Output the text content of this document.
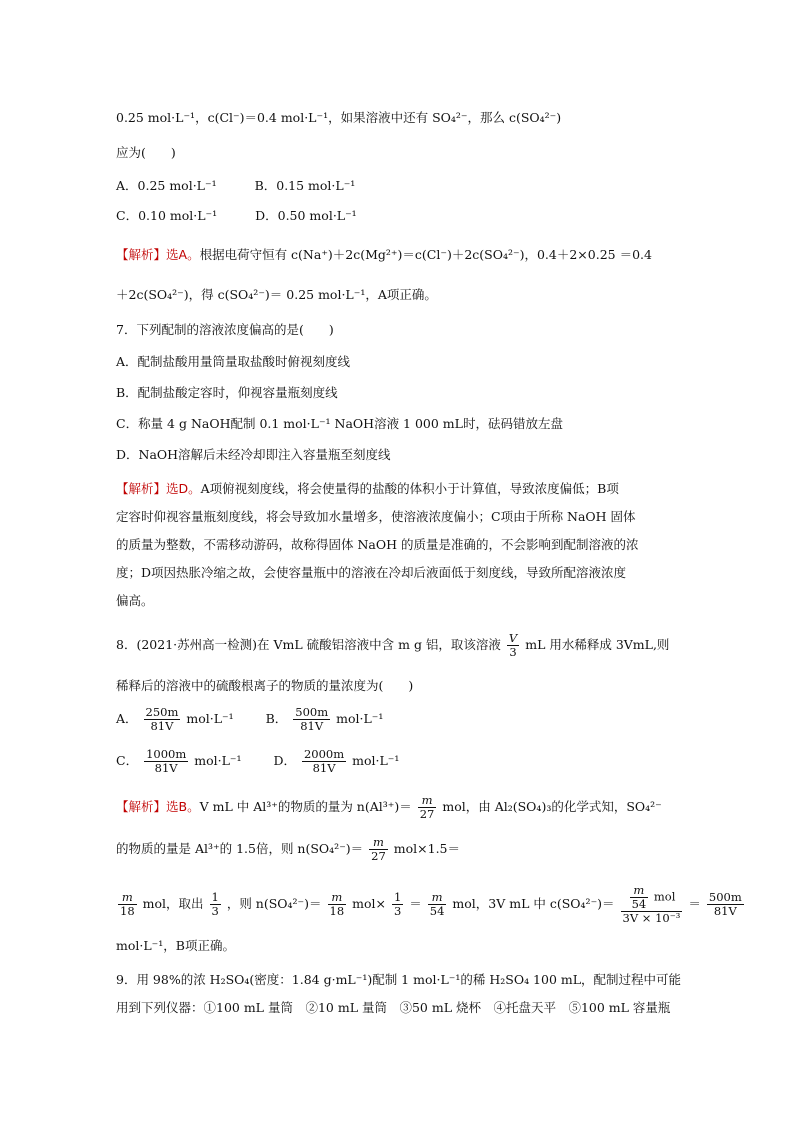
0.25 mol·L⁻¹，c(Cl⁻)＝0.4 mol·L⁻¹，如果溶液中还有 SO₄²⁻，那么 c(SO₄²⁻)
应为(　　)
A．0.25 mol·L⁻¹	B．0.15 mol·L⁻¹
C．0.10 mol·L⁻¹	D．0.50 mol·L⁻¹
【解析】选A。根据电荷守恒有 c(Na⁺)＋2c(Mg²⁺)＝c(Cl⁻)＋2c(SO₄²⁻)，0.4＋2×0.25 ＝0.4
＋2c(SO₄²⁻)，得 c(SO₄²⁻)＝ 0.25 mol·L⁻¹，A项正确。
7．下列配制的溶液浓度偏高的是(　　)
A．配制盐酸用量筒量取盐酸时俯视刻度线
B．配制盐酸定容时，仰视容量瓶刻度线
C．称量 4 g NaOH配制 0.1 mol·L⁻¹ NaOH溶液 1 000 mL时，砝码错放左盘
D．NaOH溶解后未经冷却即注入容量瓶至刻度线
【解析】选D。A项俯视刻度线，将会使量得的盐酸的体积小于计算值，导致浓度偏低；B项
定容时仰视容量瓶刻度线，将会导致加水量增多，使溶液浓度偏小；C项由于所称 NaOH 固体
的质量为整数，不需移动游码，故称得固体 NaOH 的质量是准确的，不会影响到配制溶液的浓
度；D项因热胀冷缩之故，会使容量瓶中的溶液在冷却后液面低于刻度线，导致所配溶液浓度
偏高。
8．(2021·苏州高一检测)在 VmL 硫酸铝溶液中含 m g 铝，取该溶液 $\frac{V}{3}$ mL 用水稀释成 3VmL,则
稀释后的溶液中的硫酸根离子的物质的量浓度为(　　)
A． $\frac{250m}{81V} mol\cdot L^{-1}$	B． $\frac{500m}{81V} mol\cdot L^{-1}$
C． $\frac{1000m}{81V} mol\cdot L^{-1}$	D． $\frac{2000m}{81V} mol\cdot L^{-1}$
【解析】选B。V mL 中 Al³⁺的物质的量为 $n(Al^{3+})= \frac{m}{27}$ mol，由 Al₂(SO₄)₃的化学式知，SO₄²⁻
的物质的量是 Al³⁺的 1.5倍，则 $n(SO_4^{2-})= \frac{m}{27} mol\times 1.5=$
$\frac{m}{18}$ mol，取出 $\frac{1}{3}$ ，则 $n(SO_4^{2-})= \frac{m}{18} mol\times \frac{1}{3} = \frac{m}{54}$ mol，3V mL 中 $c(SO_4^{2-})= \frac{\frac{m}{54} mol}{\text{3V × 10⁻³}} = \frac{500m}{81V}$
mol·L⁻¹，B项正确。
9．用 98%的浓 H₂SO₄(密度：1.84 g·mL⁻¹)配制 1 mol·L⁻¹的稀 H₂SO₄ 100 mL，配制过程中可能
用到下列仪器：①100 mL 量筒　②10 mL 量筒　③50 mL 烧杯　④托盘天平　⑤100 mL 容量瓶
